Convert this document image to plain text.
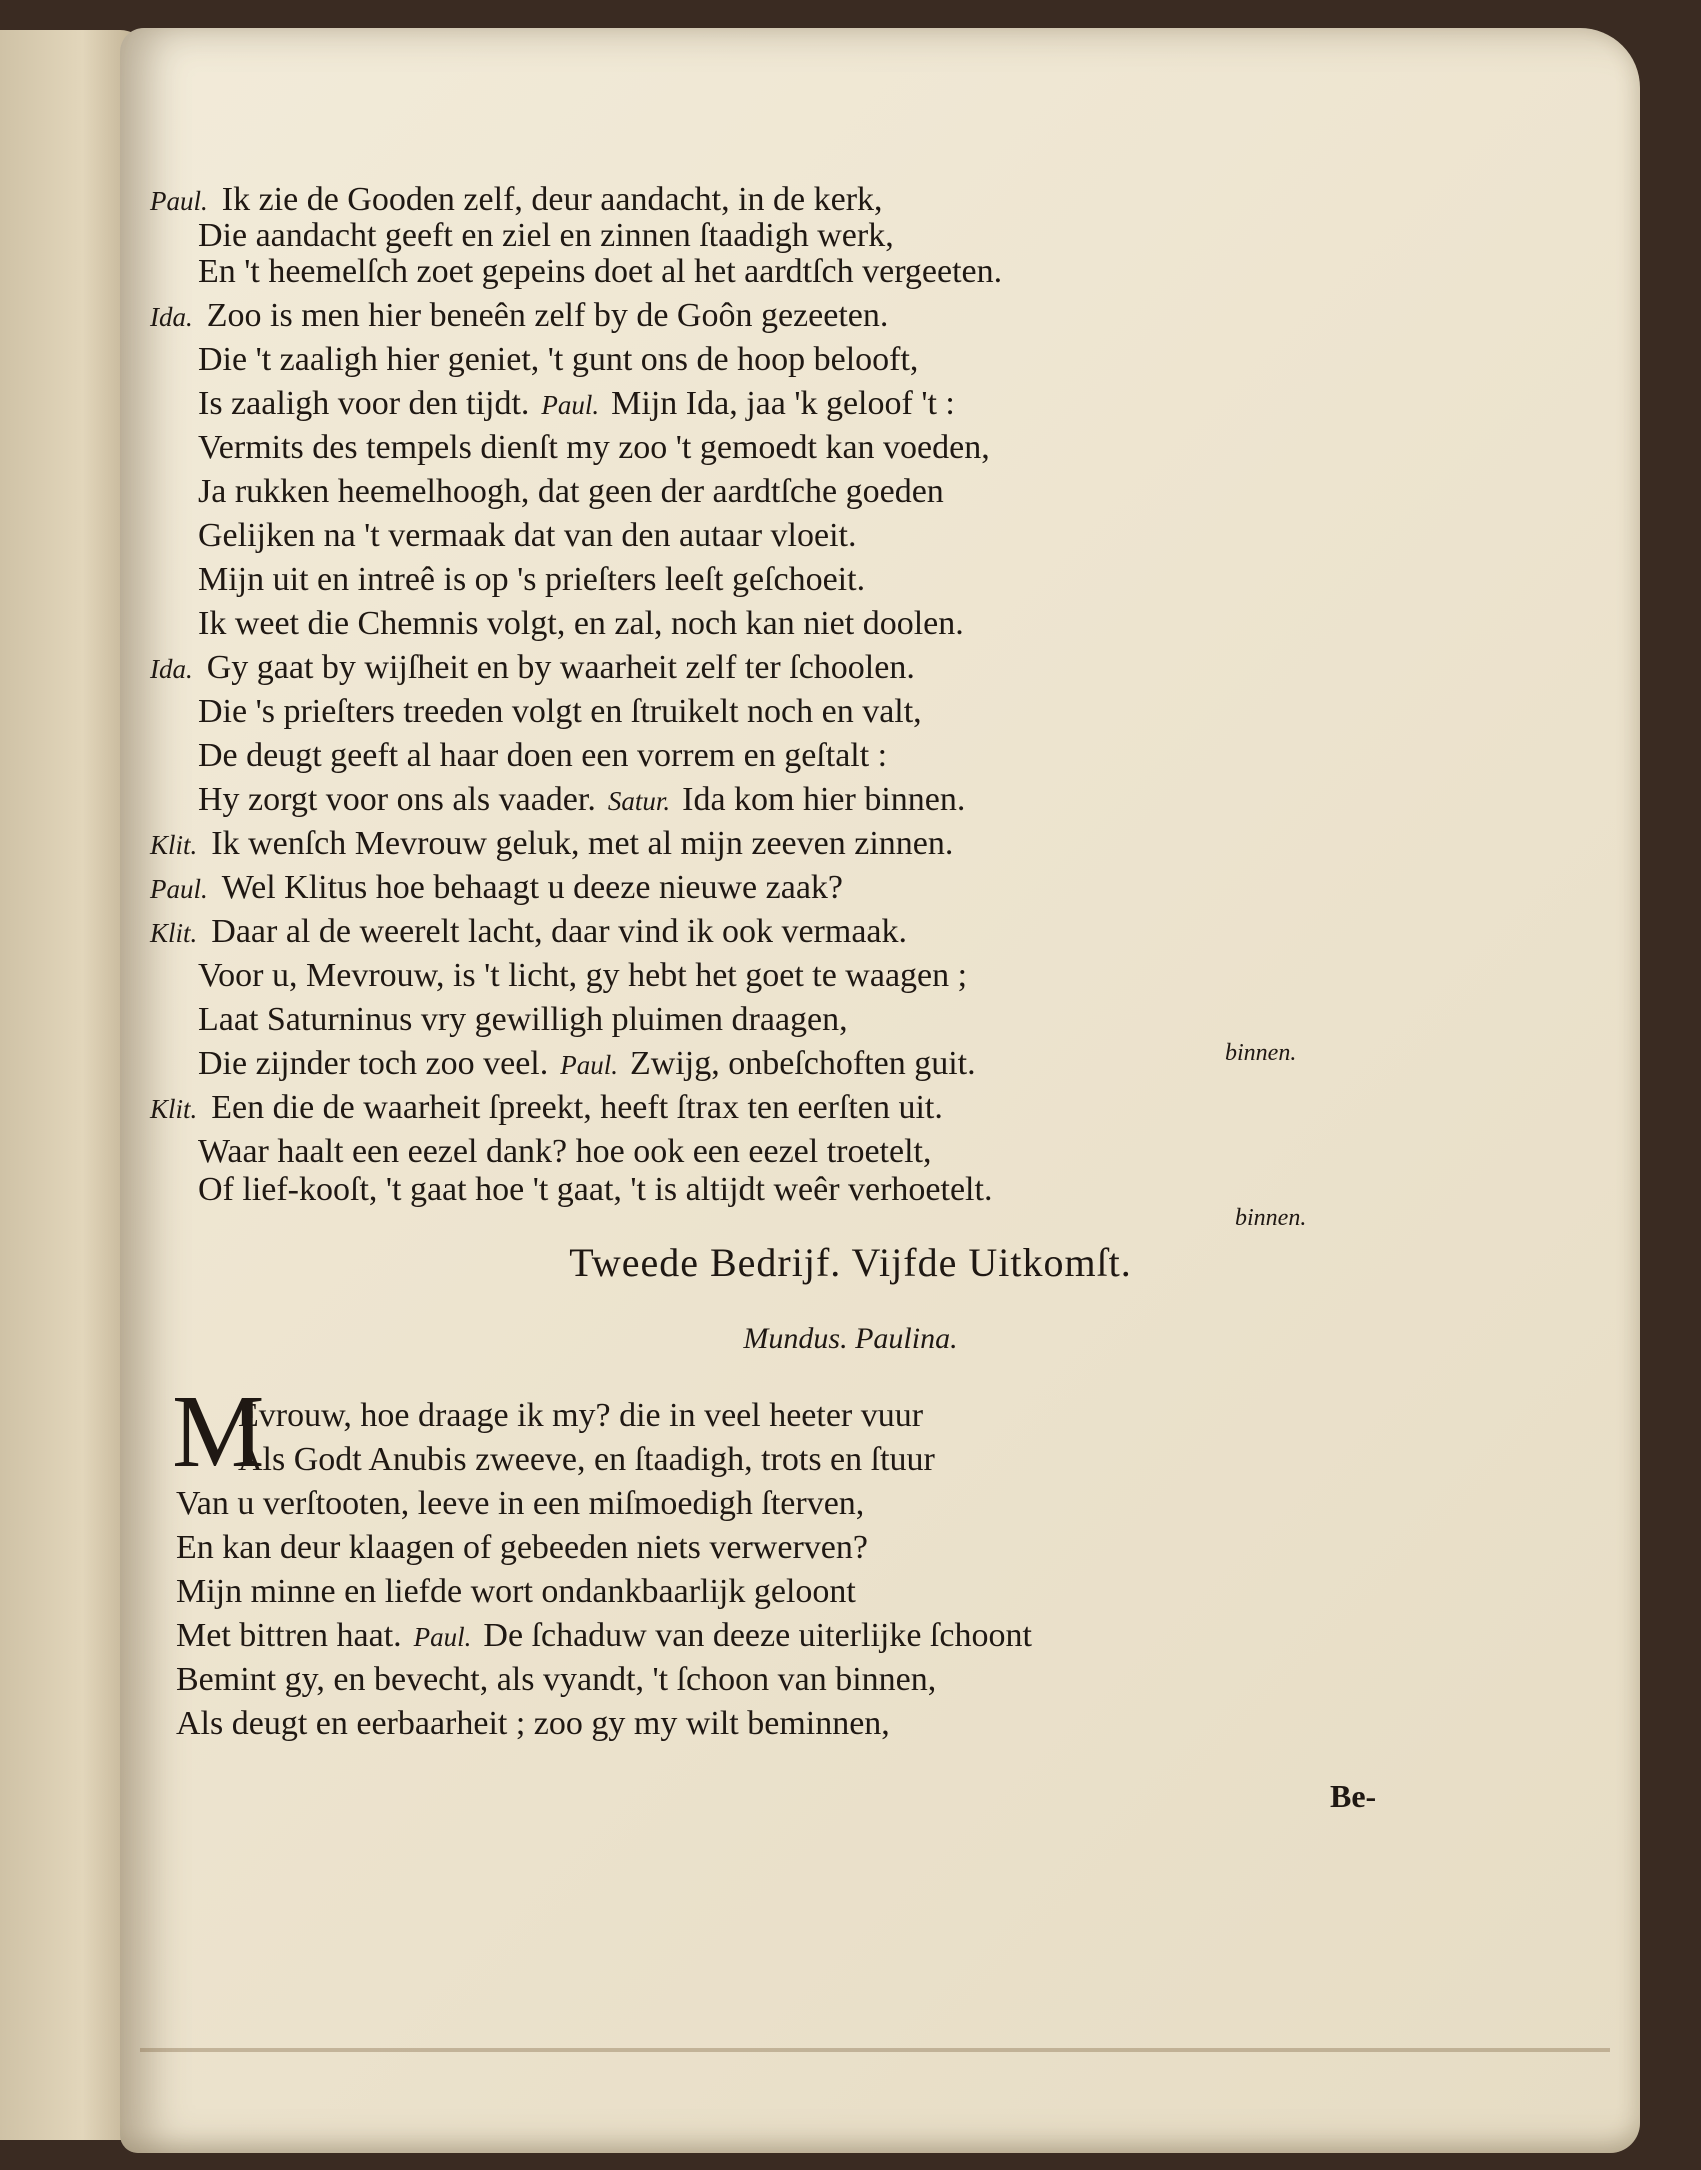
Paul. Ik zie de Gooden zelf, deur aandacht, in de kerk,
Die aandacht geeft en ziel en zinnen ſtaadigh werk,
En 't heemelſch zoet gepeins doet al het aardtſch vergeeten.
Ida. Zoo is men hier beneên zelf by de Goôn gezeeten.
Die 't zaaligh hier geniet, 't gunt ons de hoop belooft,
Is zaaligh voor den tijdt. Paul. Mijn Ida, jaa 'k geloof 't :
Vermits des tempels dienſt my zoo 't gemoedt kan voeden,
Ja rukken heemelhoogh, dat geen der aardtſche goeden
Gelijken na 't vermaak dat van den autaar vloeit.
Mijn uit en intreê is op 's prieſters leeſt geſchoeit.
Ik weet die Chemnis volgt, en zal, noch kan niet doolen.
Ida. Gy gaat by wijſheit en by waarheit zelf ter ſchoolen.
Die 's prieſters treeden volgt en ſtruikelt noch en valt,
De deugt geeft al haar doen een vorrem en geſtalt :
Hy zorgt voor ons als vaader. Satur. Ida kom hier binnen.
Klit. Ik wenſch Mevrouw geluk, met al mijn zeeven zinnen.
Paul. Wel Klitus hoe behaagt u deeze nieuwe zaak?
Klit. Daar al de weerelt lacht, daar vind ik ook vermaak.
Voor u, Mevrouw, is 't licht, gy hebt het goet te waagen ;
Laat Saturninus vry gewilligh pluimen draagen,
Die zijnder toch zoo veel. Paul. Zwijg, onbeſchoften guit.
Klit. Een die de waarheit ſpreekt, heeft ſtrax ten eerſten uit.
Waar haalt een eezel dank? hoe ook een eezel troetelt,
Of lief-kooſt, 't gaat hoe 't gaat, 't is altijdt weêr verhoetelt.
binnen.
binnen.
Tweede Bedrijf. Vijfde Uitkomſt.
Mundus. Paulina.
M
Evrouw, hoe draage ik my? die in veel heeter vuur
Als Godt Anubis zweeve, en ſtaadigh, trots en ſtuur
Van u verſtooten, leeve in een miſmoedigh ſterven,
En kan deur klaagen of gebeeden niets verwerven?
Mijn minne en liefde wort ondankbaarlijk geloont
Met bittren haat. Paul. De ſchaduw van deeze uiterlijke ſchoont
Bemint gy, en bevecht, als vyandt, 't ſchoon van binnen,
Als deugt en eerbaarheit ; zoo gy my wilt beminnen,
Be-
